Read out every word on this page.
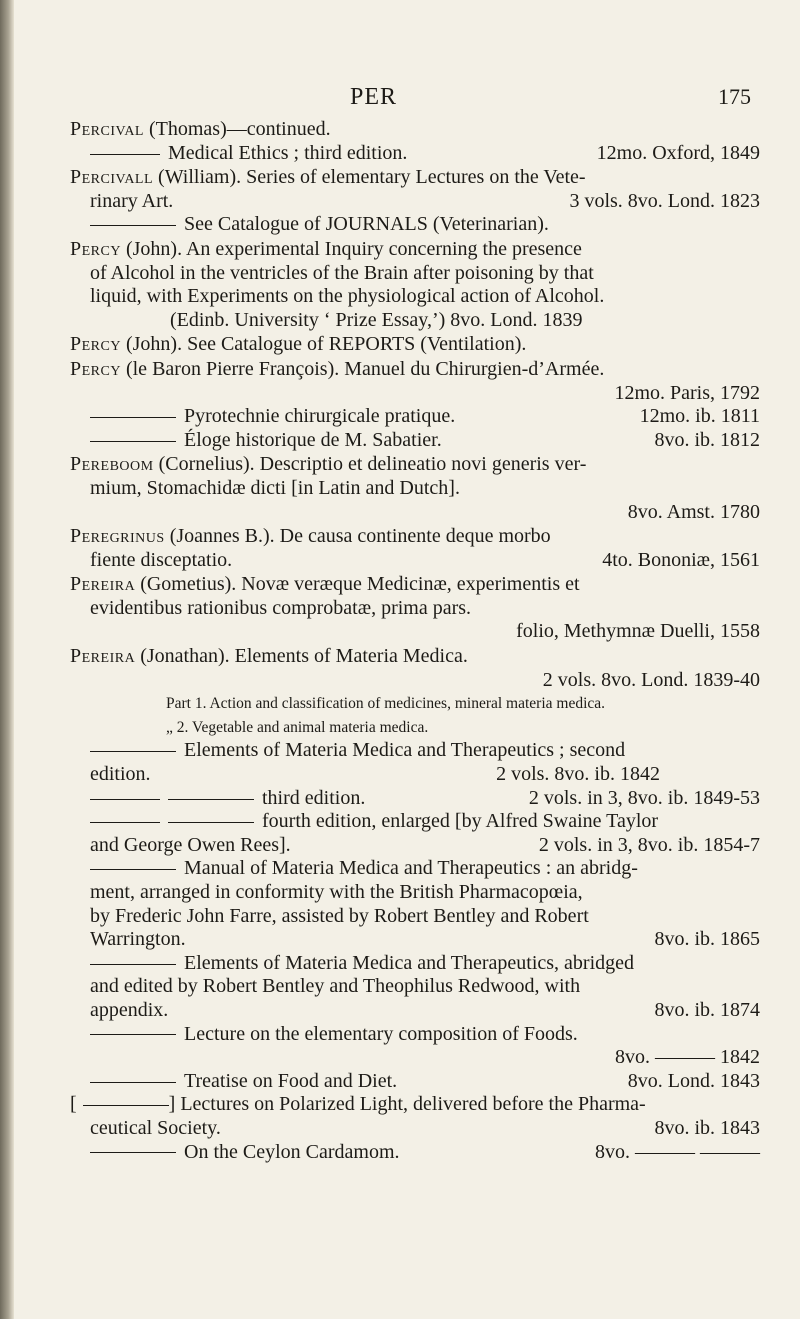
PER	175
Percival (Thomas)—continued.
Medical Ethics ; third edition.	12mo. Oxford, 1849
Percivall (William). Series of elementary Lectures on the Vete-
rinary Art.	3 vols. 8vo. Lond. 1823
See Catalogue of JOURNALS (Veterinarian).
Percy (John). An experimental Inquiry concerning the presence
of Alcohol in the ventricles of the Brain after poisoning by that
liquid, with Experiments on the physiological action of Alcohol.
(Edinb. University ‘ Prize Essay,’) 8vo. Lond. 1839
Percy (John). See Catalogue of REPORTS (Ventilation).
Percy (le Baron Pierre François). Manuel du Chirurgien-d’Armée.
12mo. Paris, 1792
Pyrotechnie chirurgicale pratique.	12mo. ib. 1811
Éloge historique de M. Sabatier.	8vo. ib. 1812
Pereboom (Cornelius). Descriptio et delineatio novi generis ver-
mium, Stomachidæ dicti [in Latin and Dutch].
8vo. Amst. 1780
Peregrinus (Joannes B.). De causa continente deque morbo
fiente disceptatio.	4to. Bononiæ, 1561
Pereira (Gometius). Novæ veræque Medicinæ, experimentis et
evidentibus rationibus comprobatæ, prima pars.
folio, Methymnæ Duelli, 1558
Pereira (Jonathan). Elements of Materia Medica.
2 vols. 8vo. Lond. 1839-40
Part 1. Action and classification of medicines, mineral materia medica.
„ 2. Vegetable and animal materia medica.
Elements of Materia Medica and Therapeutics ; second
edition.	2 vols. 8vo. ib. 1842
third edition.	2 vols. in 3, 8vo. ib. 1849-53
fourth edition, enlarged [by Alfred Swaine Taylor
and George Owen Rees].	2 vols. in 3, 8vo. ib. 1854-7
Manual of Materia Medica and Therapeutics : an abridg-
ment, arranged in conformity with the British Pharmacopœia,
by Frederic John Farre, assisted by Robert Bentley and Robert
Warrington.	8vo. ib. 1865
Elements of Materia Medica and Therapeutics, abridged
and edited by Robert Bentley and Theophilus Redwood, with
appendix.	8vo. ib. 1874
Lecture on the elementary composition of Foods.
8vo. ——— 1842
Treatise on Food and Diet.	8vo. Lond. 1843
[	] Lectures on Polarized Light, delivered before the Pharma-
ceutical Society.	8vo. ib. 1843
On the Ceylon Cardamom.	8vo. ——— ———
